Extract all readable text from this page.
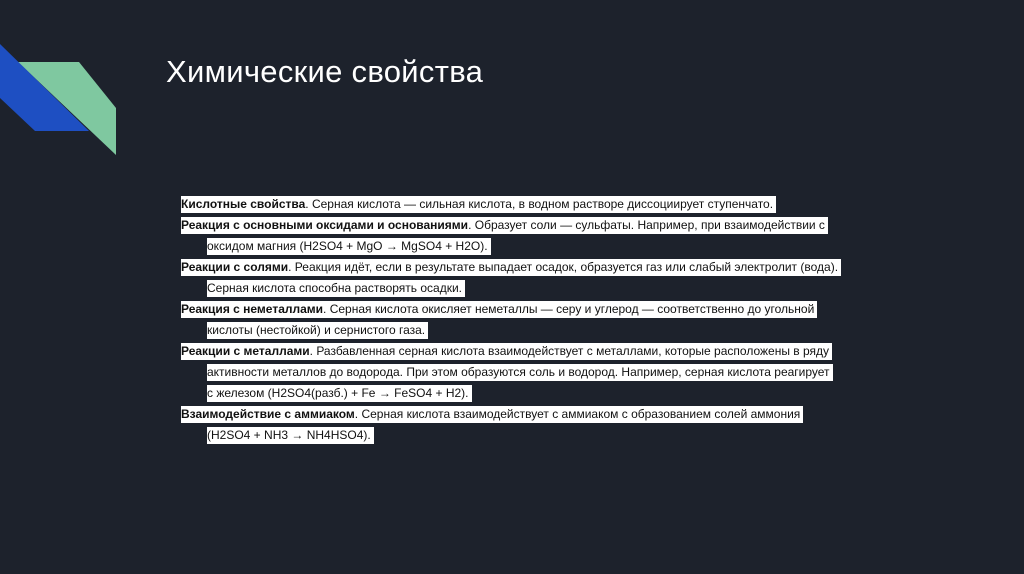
Химические свойства
Кислотные свойства. Серная кислота — сильная кислота, в водном растворе диссоциирует ступенчато.
Реакция с основными оксидами и основаниями. Образует соли — сульфаты. Например, при взаимодействии с
оксидом магния (H2SO4 + MgO → MgSO4 + H2O).
Реакции с солями. Реакция идёт, если в результате выпадает осадок, образуется газ или слабый электролит (вода).
Серная кислота способна растворять осадки.
Реакция с неметаллами. Серная кислота окисляет неметаллы — серу и углерод — соответственно до угольной
кислоты (нестойкой) и сернистого газа.
Реакции с металлами. Разбавленная серная кислота взаимодействует с металлами, которые расположены в ряду
активности металлов до водорода. При этом образуются соль и водород. Например, серная кислота реагирует
с железом (H2SO4(разб.) + Fe → FeSO4 + H2).
Взаимодействие с аммиаком. Серная кислота взаимодействует с аммиаком с образованием солей аммония
(H2SO4 + NH3 → NH4HSO4).
